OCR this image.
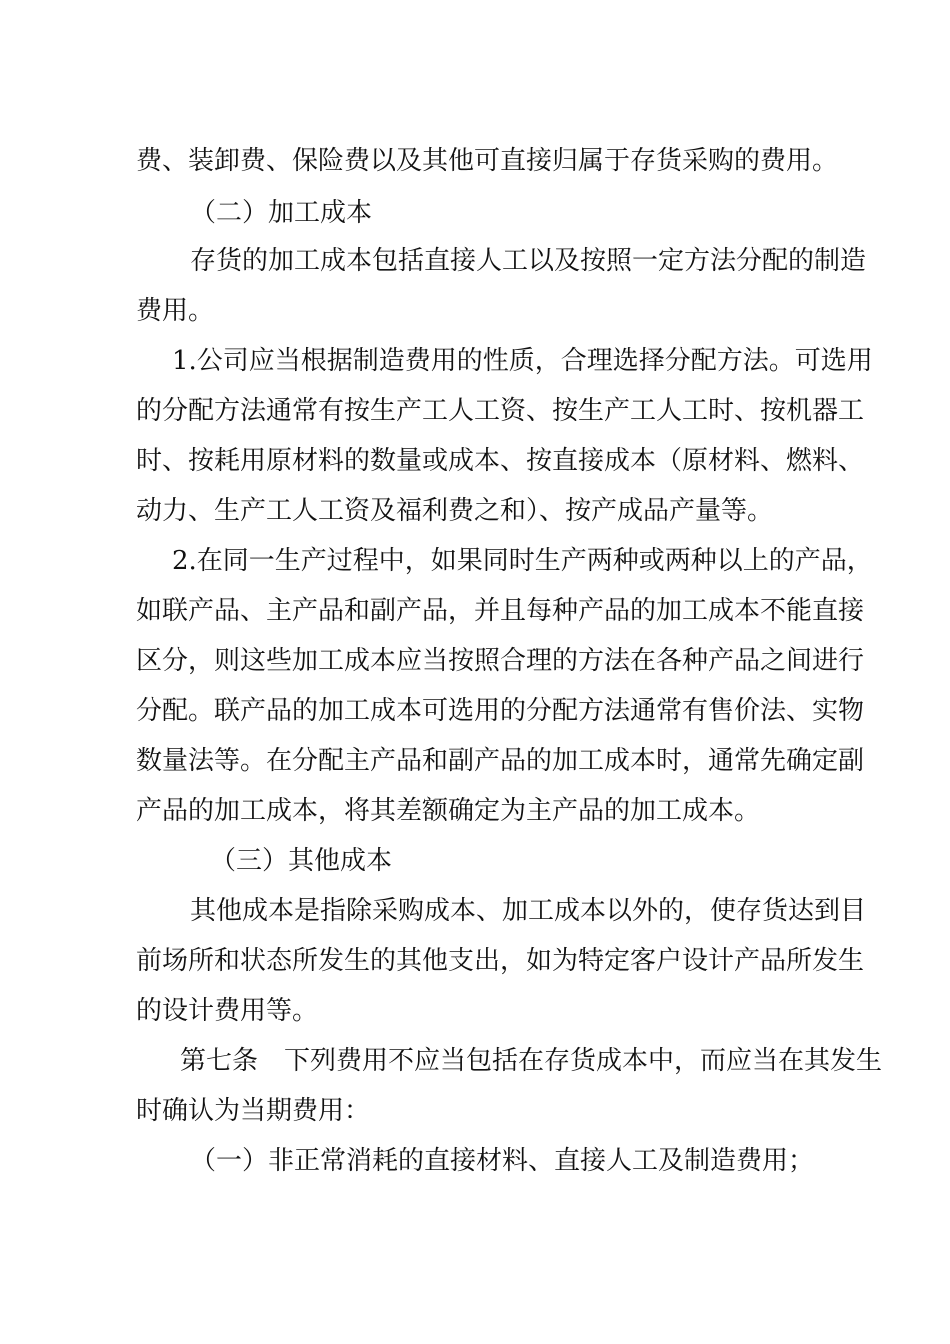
费、装卸费、保险费以及其他可直接归属于存货采购的费用。
（二）加工成本
存货的加工成本包括直接人工以及按照一定方法分配的制造
费用。
1.公司应当根据制造费用的性质，合理选择分配方法。可选用
的分配方法通常有按生产工人工资、按生产工人工时、按机器工
时、按耗用原材料的数量或成本、按直接成本（原材料、燃料、
动力、生产工人工资及福利费之和）、按产成品产量等。
2.在同一生产过程中，如果同时生产两种或两种以上的产品，
如联产品、主产品和副产品，并且每种产品的加工成本不能直接
区分，则这些加工成本应当按照合理的方法在各种产品之间进行
分配。联产品的加工成本可选用的分配方法通常有售价法、实物
数量法等。在分配主产品和副产品的加工成本时，通常先确定副
产品的加工成本，将其差额确定为主产品的加工成本。
（三）其他成本
其他成本是指除采购成本、加工成本以外的，使存货达到目
前场所和状态所发生的其他支出，如为特定客户设计产品所发生
的设计费用等。
第七条　下列费用不应当包括在存货成本中，而应当在其发生
时确认为当期费用：
（一）非正常消耗的直接材料、直接人工及制造费用；
